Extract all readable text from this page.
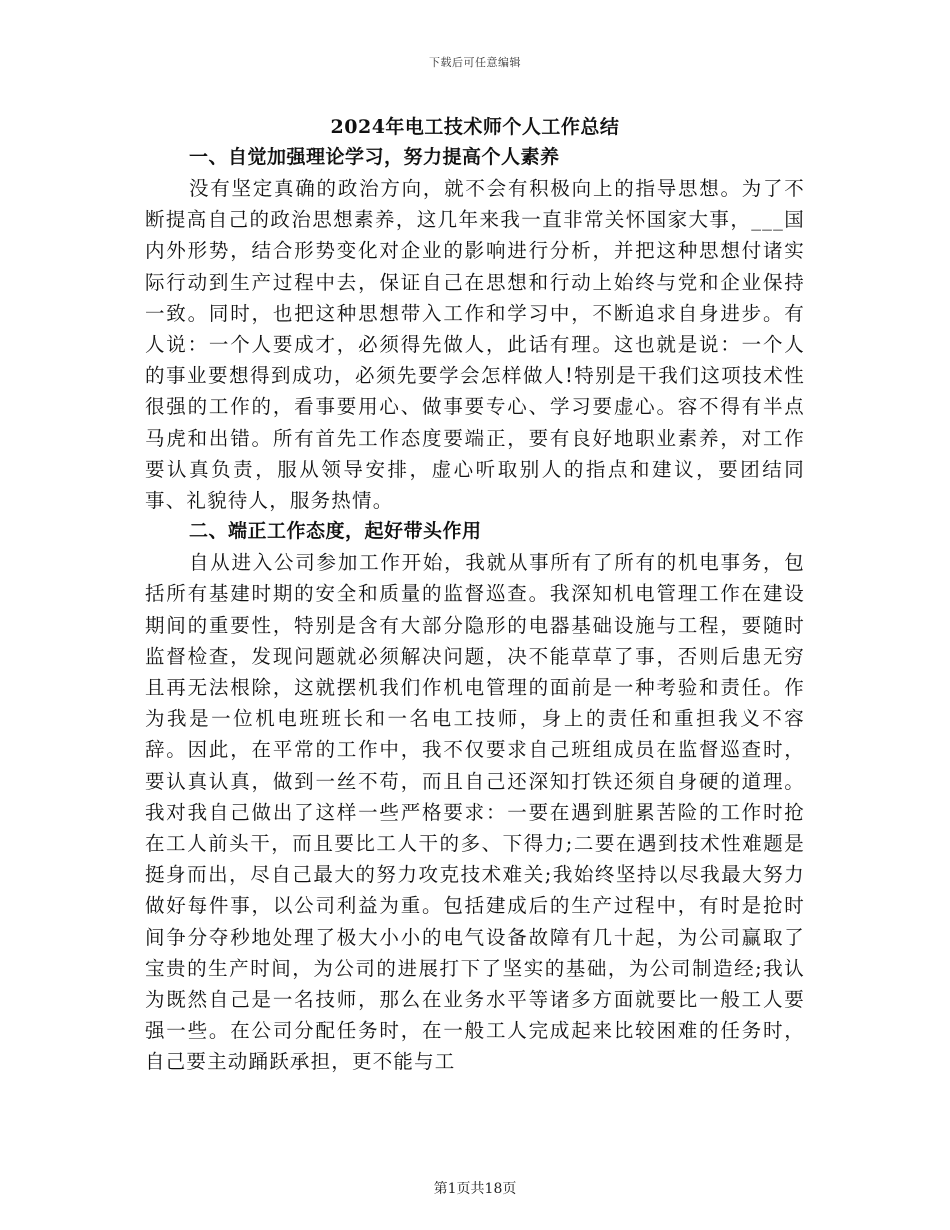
下载后可任意编辑
2024年电工技术师个人工作总结

一、自觉加强理论学习，努力提高个人素养

没有坚定真确的政治方向，就不会有积极向上的指导思想。为了不断提高自己的政治思想素养，这几年来我一直非常关怀国家大事，___国内外形势，结合形势变化对企业的影响进行分析，并把这种思想付诸实际行动到生产过程中去，保证自己在思想和行动上始终与党和企业保持一致。同时，也把这种思想带入工作和学习中，不断追求自身进步。有人说：一个人要成才，必须得先做人，此话有理。这也就是说：一个人的事业要想得到成功，必须先要学会怎样做人!特别是干我们这项技术性很强的工作的，看事要用心、做事要专心、学习要虚心。容不得有半点马虎和出错。所有首先工作态度要端正，要有良好地职业素养，对工作要认真负责，服从领导安排，虚心听取别人的指点和建议，要团结同事、礼貌待人，服务热情。

二、端正工作态度，起好带头作用

自从进入公司参加工作开始，我就从事所有了所有的机电事务，包括所有基建时期的安全和质量的监督巡查。我深知机电管理工作在建设期间的重要性，特别是含有大部分隐形的电器基础设施与工程，要随时监督检查，发现问题就必须解决问题，决不能草草了事，否则后患无穷且再无法根除，这就摆机我们作机电管理的面前是一种考验和责任。作为我是一位机电班班长和一名电工技师，身上的责任和重担我义不容辞。因此，在平常的工作中，我不仅要求自己班组成员在监督巡查时，要认真认真，做到一丝不苟，而且自己还深知打铁还须自身硬的道理。我对我自己做出了这样一些严格要求：一要在遇到脏累苦险的工作时抢在工人前头干，而且要比工人干的多、下得力;二要在遇到技术性难题是挺身而出，尽自己最大的努力攻克技术难关;我始终坚持以尽我最大努力做好每件事，以公司利益为重。包括建成后的生产过程中，有时是抢时间争分夺秒地处理了极大小小的电气设备故障有几十起，为公司赢取了宝贵的生产时间，为公司的进展打下了坚实的基础，为公司制造经;我认为既然自己是一名技师，那么在业务水平等诸多方面就要比一般工人要强一些。在公司分配任务时，在一般工人完成起来比较困难的任务时，自己要主动踊跃承担，更不能与工

第1页共18页
